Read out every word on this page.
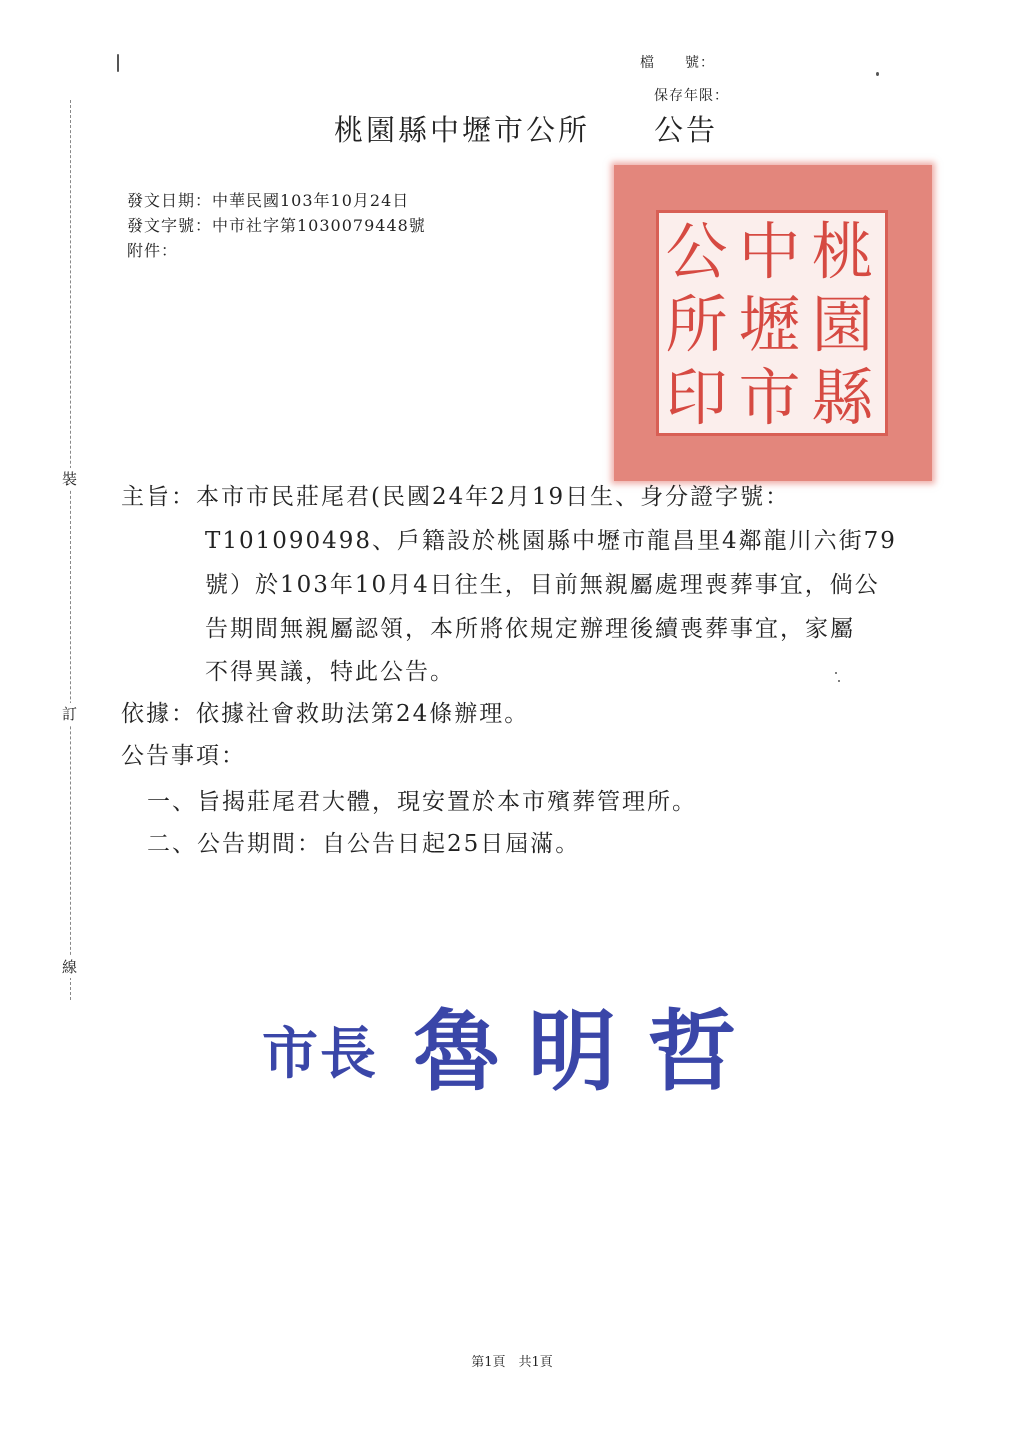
裝
訂
線
檔　　號：
保存年限：
桃園縣中壢市公所　　公告
發文日期：中華民國103年10月24日
發文字號：中市社字第1030079448號
附件：	桃
園
縣
中
壢
市
公
所
印
主旨：本市市民莊尾君(民國24年2月19日生、身分證字號：
T101090498、戶籍設於桃園縣中壢市龍昌里4鄰龍川六街79
號）於103年10月4日往生，目前無親屬處理喪葬事宜，倘公
告期間無親屬認領，本所將依規定辦理後續喪葬事宜，家屬
不得異議，特此公告。
依據：依據社會救助法第24條辦理。
公告事項：
一、旨揭莊尾君大體，現安置於本市殯葬管理所。
二、公告期間：自公告日起25日屆滿。
市長 魯 明 哲
第1頁　共1頁
